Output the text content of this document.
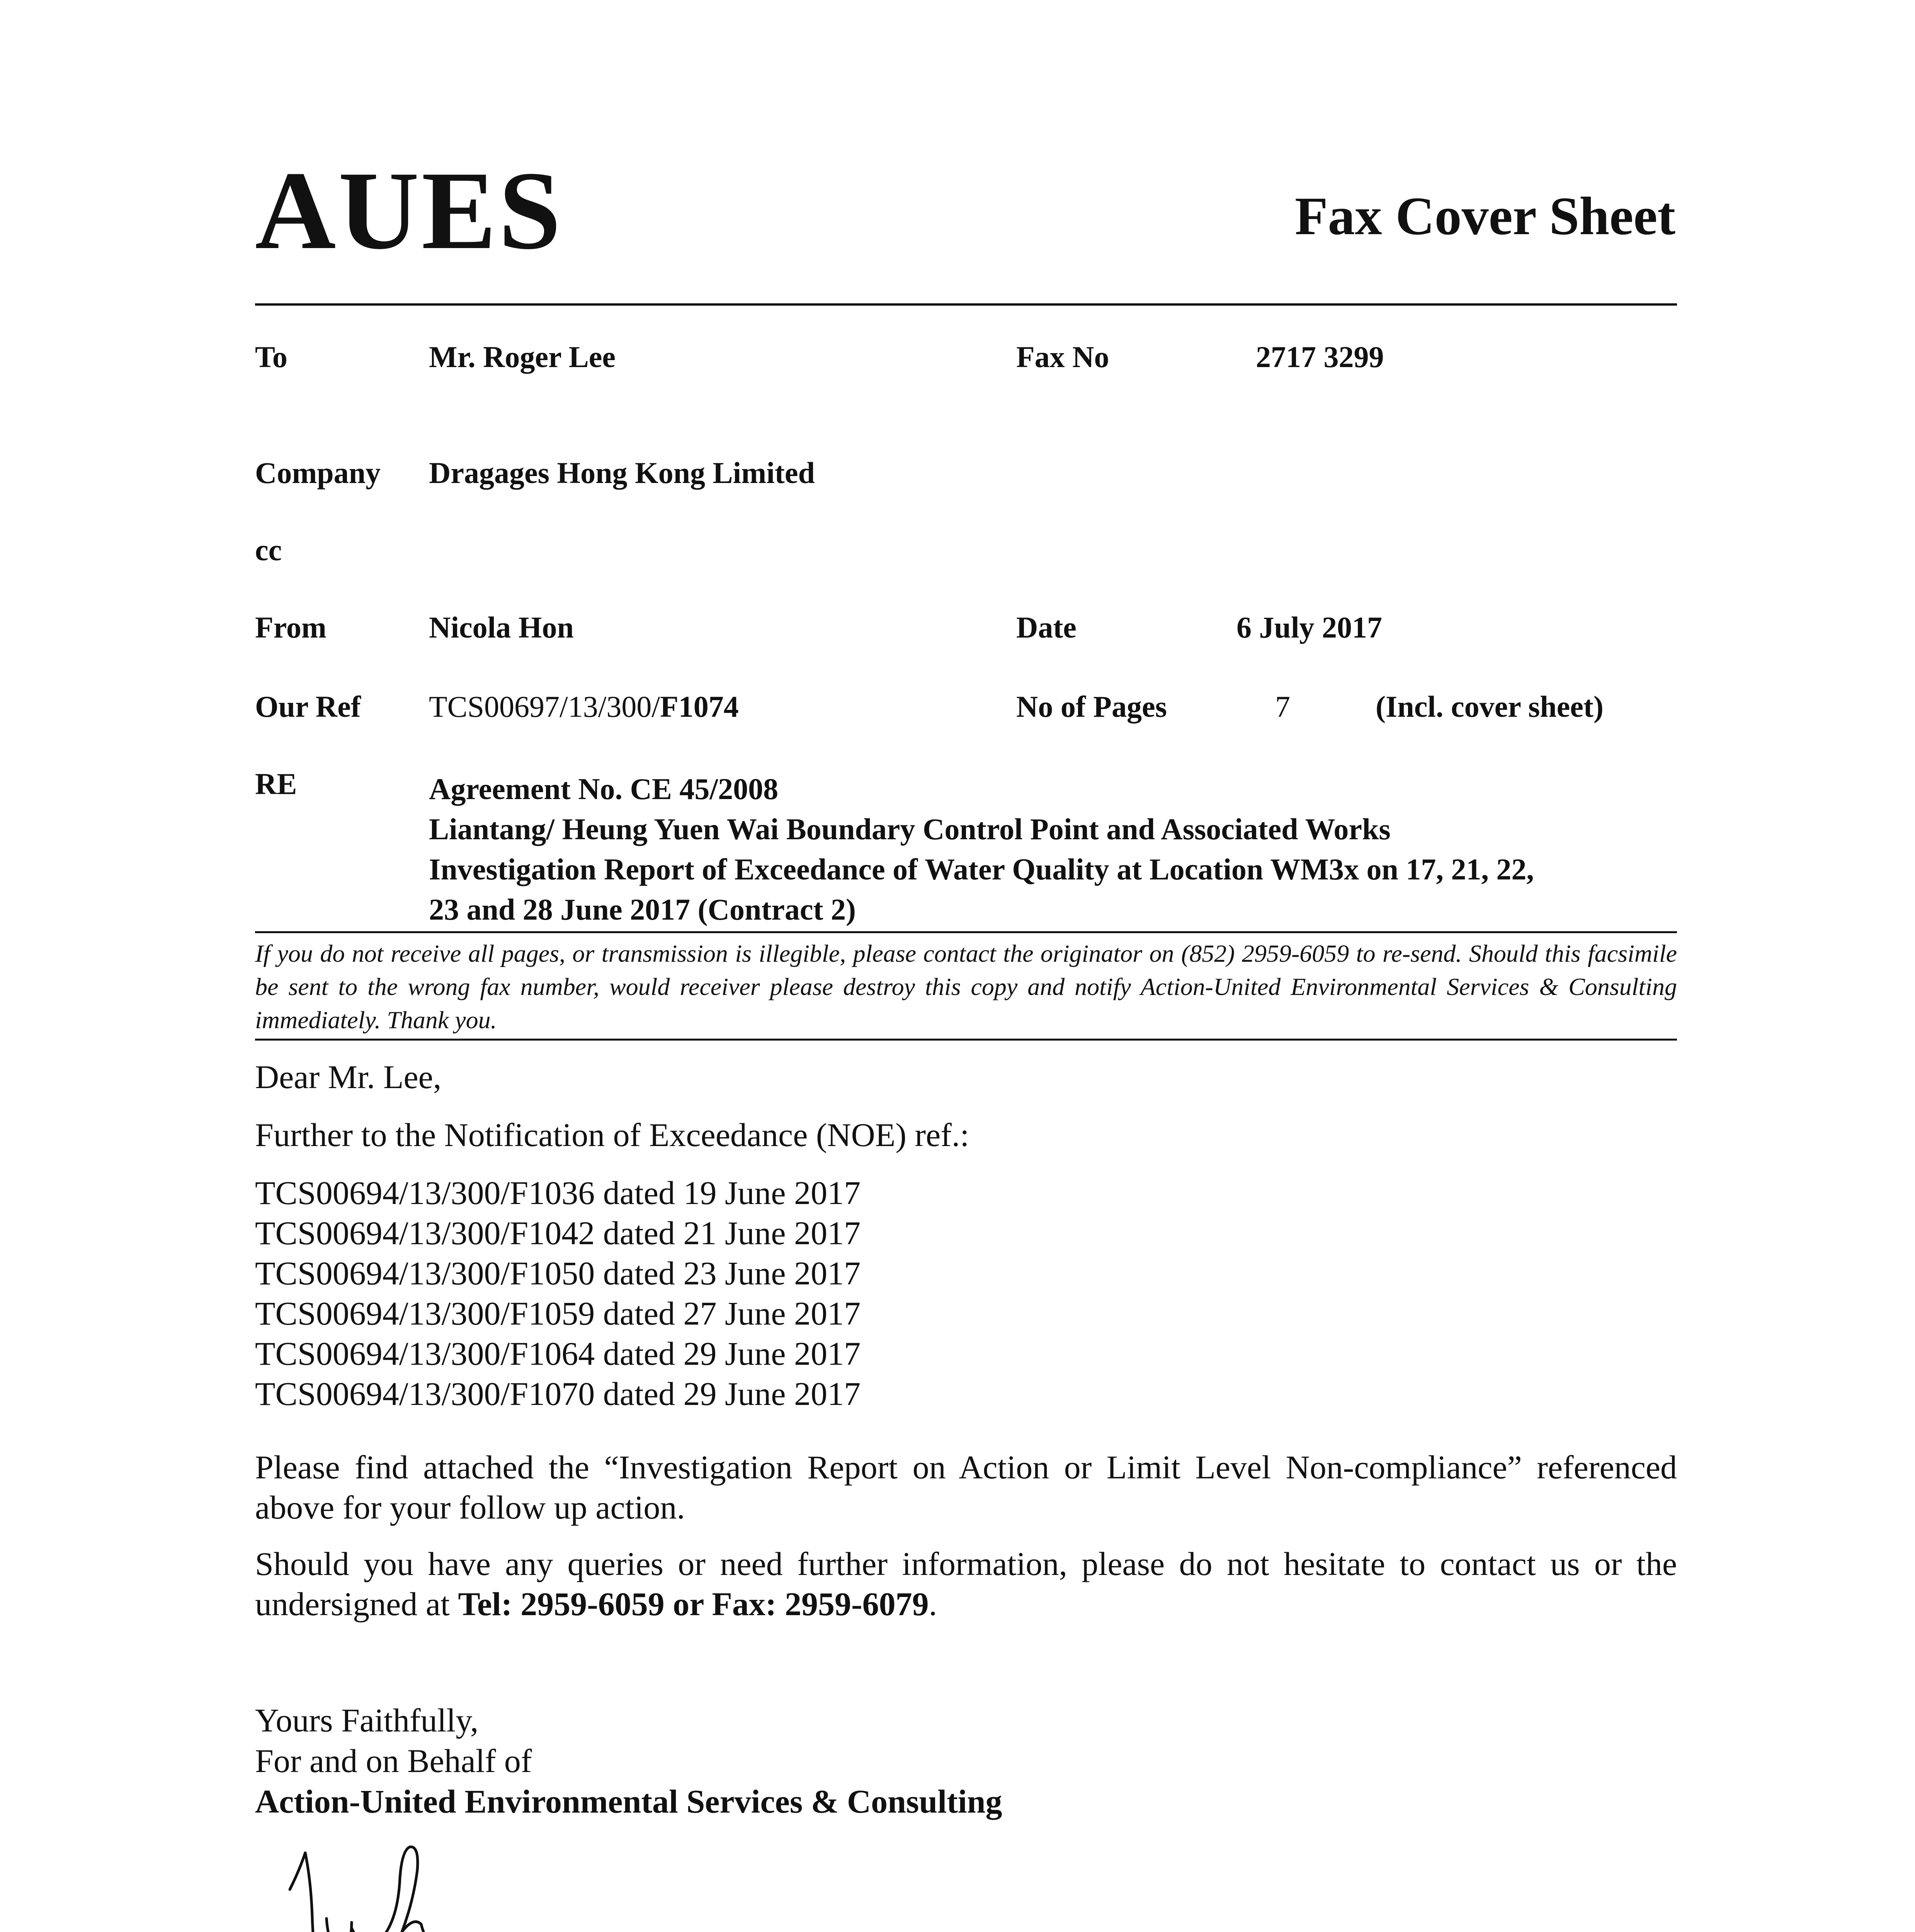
AUES	Fax Cover Sheet
To	Mr. Roger Lee	Fax No	2717 3299
Company Dragages Hong Kong Limited
cc
From	Nicola Hon	Date	6 July 2017
Our Ref TCS00697/13/300/F1074	No of Pages	7	(Incl. cover sheet)
RE	Agreement No. CE 45/2008
Liantang/ Heung Yuen Wai Boundary Control Point and Associated Works
Investigation Report of Exceedance of Water Quality at Location WM3x on 17, 21, 22,
23 and 28 June 2017 (Contract 2)
If you do not receive all pages, or transmission is illegible, please contact the originator on (852) 2959-6059 to re-send. Should this facsimile be sent to the wrong fax number, would receiver please destroy this copy and notify Action-United Environmental Services & Consulting immediately. Thank you.
Dear Mr. Lee,
Further to the Notification of Exceedance (NOE) ref.:
TCS00694/13/300/F1036 dated 19 June 2017
TCS00694/13/300/F1042 dated 21 June 2017
TCS00694/13/300/F1050 dated 23 June 2017
TCS00694/13/300/F1059 dated 27 June 2017
TCS00694/13/300/F1064 dated 29 June 2017
TCS00694/13/300/F1070 dated 29 June 2017
Please find attached the “Investigation Report on Action or Limit Level Non-compliance” referenced above for your follow up action.
Should you have any queries or need further information, please do not hesitate to contact us or the undersigned at Tel: 2959-6059 or Fax: 2959-6079.
Yours Faithfully,
For and on Behalf of
Action-United Environmental Services & Consulting
